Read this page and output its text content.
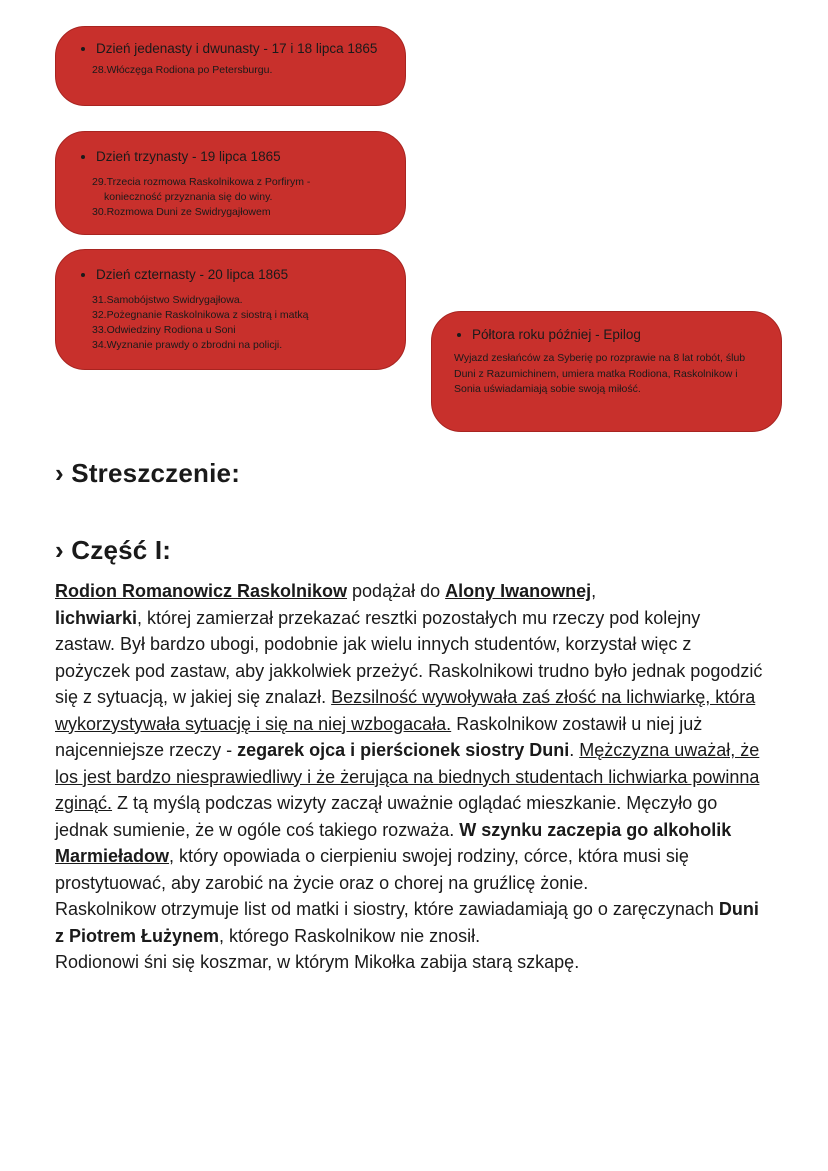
• Dzień jedenasty i dwunasty - 17 i 18 lipca 1865
28.Włóczęga Rodiona po Petersburgu.
• Dzień trzynasty - 19 lipca 1865
29.Trzecia rozmowa Raskolnikowa z Porfirym -
konieczność przyznania się do winy.
30.Rozmowa Duni ze Swidrygajłowem
• Dzień czternasty - 20 lipca 1865
31.Samobójstwo Swidrygajłowa.
32.Pożegnanie Raskolnikowa z siostrą i matką
33.Odwiedziny Rodiona u Soni
34.Wyznanie prawdy o zbrodni na policji.
• Półtora roku później - Epilog

Wyjazd zesłańców za Syberię po rozprawie na 8 lat robót, ślub Duni z Razumichinem, umiera matka Rodiona, Raskolnikow i Sonia uświadamiają sobie swoją miłość.

› Streszczenie:
› Część I:

Rodion Romanowicz Raskolnikow podążał do Alony Iwanownej,
lichwiarki, której zamierzał przekazać resztki pozostałych mu rzeczy pod kolejny zastaw. Był bardzo ubogi, podobnie jak wielu innych studentów, korzystał więc z pożyczek pod zastaw, aby jakkolwiek przeżyć. Raskolnikowi trudno było jednak pogodzić się z sytuacją, w jakiej się znalazł. Bezsilność wywoływała zaś złość na lichwiarkę, która wykorzystywała sytuację i się na niej wzbogacała. Raskolnikow zostawił u niej już najcenniejsze rzeczy - zegarek ojca i pierścionek siostry Duni. Mężczyzna uważał, że los jest bardzo niesprawiedliwy i że żerująca na biednych studentach lichwiarka powinna zginąć. Z tą myślą podczas wizyty zaczął uważnie oglądać mieszkanie. Męczyło go jednak sumienie, że w ogóle coś takiego rozważa. W szynku zaczepia go alkoholik Marmieładow, który opowiada o cierpieniu swojej rodziny, córce, która musi się prostytuować, aby zarobić na życie oraz o chorej na gruźlicę żonie.
Raskolnikow otrzymuje list od matki i siostry, które zawiadamiają go o zaręczynach Duni z Piotrem Łużynem, którego Raskolnikow nie znosił.
Rodionowi śni się koszmar, w którym Mikołka zabija starą szkapę.
